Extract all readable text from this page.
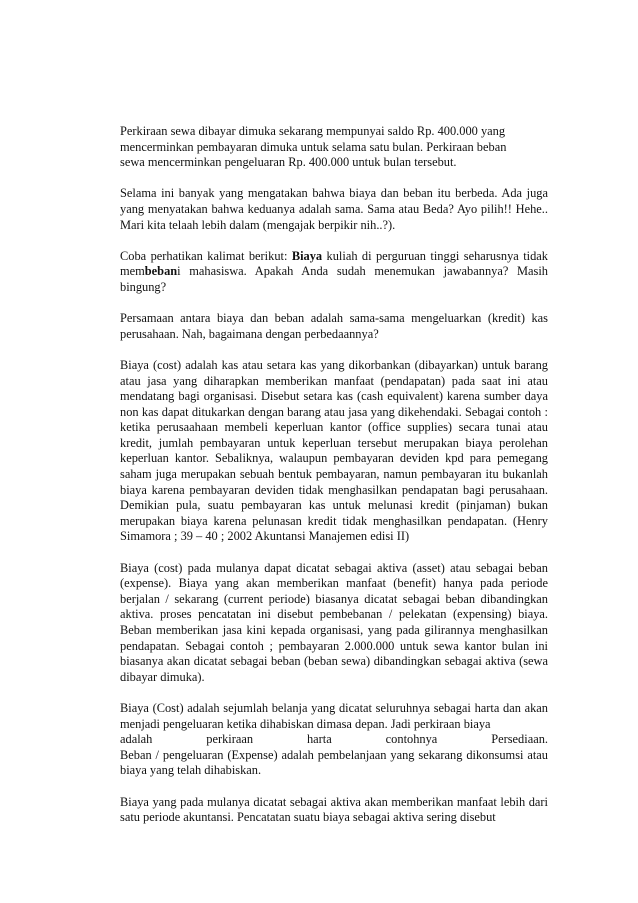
Perkiraan sewa dibayar dimuka sekarang mempunyai saldo Rp. 400.000 yang
mencerminkan pembayaran dimuka untuk selama satu bulan. Perkiraan beban
sewa mencerminkan pengeluaran Rp. 400.000 untuk bulan tersebut.

Selama ini banyak yang mengatakan bahwa biaya dan beban itu berbeda. Ada juga yang menyatakan bahwa keduanya adalah sama. Sama atau Beda? Ayo pilih!! Hehe.. Mari kita telaah lebih dalam (mengajak berpikir nih..?).

Coba perhatikan kalimat berikut: Biaya kuliah di perguruan tinggi seharusnya tidak membebani mahasiswa. Apakah Anda sudah menemukan jawabannya? Masih bingung?

Persamaan antara biaya dan beban adalah sama-sama mengeluarkan (kredit) kas perusahaan. Nah, bagaimana dengan perbedaannya?

Biaya (cost) adalah kas atau setara kas yang dikorbankan (dibayarkan) untuk barang atau jasa yang diharapkan memberikan manfaat (pendapatan) pada saat ini atau mendatang bagi organisasi. Disebut setara kas (cash equivalent) karena sumber daya non kas dapat ditukarkan dengan barang atau jasa yang dikehendaki. Sebagai contoh : ketika perusaahaan membeli keperluan kantor (office supplies) secara tunai atau kredit, jumlah pembayaran untuk keperluan tersebut merupakan biaya perolehan keperluan kantor. Sebaliknya, walaupun pembayaran deviden kpd para pemegang saham juga merupakan sebuah bentuk pembayaran, namun pembayaran itu bukanlah biaya karena pembayaran deviden tidak menghasilkan pendapatan bagi perusahaan. Demikian pula, suatu pembayaran kas untuk melunasi kredit (pinjaman) bukan merupakan biaya karena pelunasan kredit tidak menghasilkan pendapatan. (Henry Simamora ; 39 – 40 ; 2002 Akuntansi Manajemen edisi II)

Biaya (cost) pada mulanya dapat dicatat sebagai aktiva (asset) atau sebagai beban (expense). Biaya yang akan memberikan manfaat (benefit) hanya pada periode berjalan / sekarang (current periode) biasanya dicatat sebagai beban dibandingkan aktiva. proses pencatatan ini disebut pembebanan / pelekatan (expensing) biaya. Beban memberikan jasa kini kepada organisasi, yang pada gilirannya menghasilkan pendapatan. Sebagai contoh ; pembayaran 2.000.000 untuk sewa kantor bulan ini biasanya akan dicatat sebagai beban (beban sewa) dibandingkan sebagai aktiva (sewa dibayar dimuka).

Biaya (Cost) adalah sejumlah belanja yang dicatat seluruhnya sebagai harta dan akan menjadi pengeluaran ketika dihabiskan dimasa depan. Jadi perkiraan biaya

adalah perkiraan harta contohnya Persediaan.
Beban / pengeluaran (Expense) adalah pembelanjaan yang sekarang dikonsumsi atau biaya yang telah dihabiskan.

Biaya yang pada mulanya dicatat sebagai aktiva akan memberikan manfaat lebih dari satu periode akuntansi. Pencatatan suatu biaya sebagai aktiva sering disebut
